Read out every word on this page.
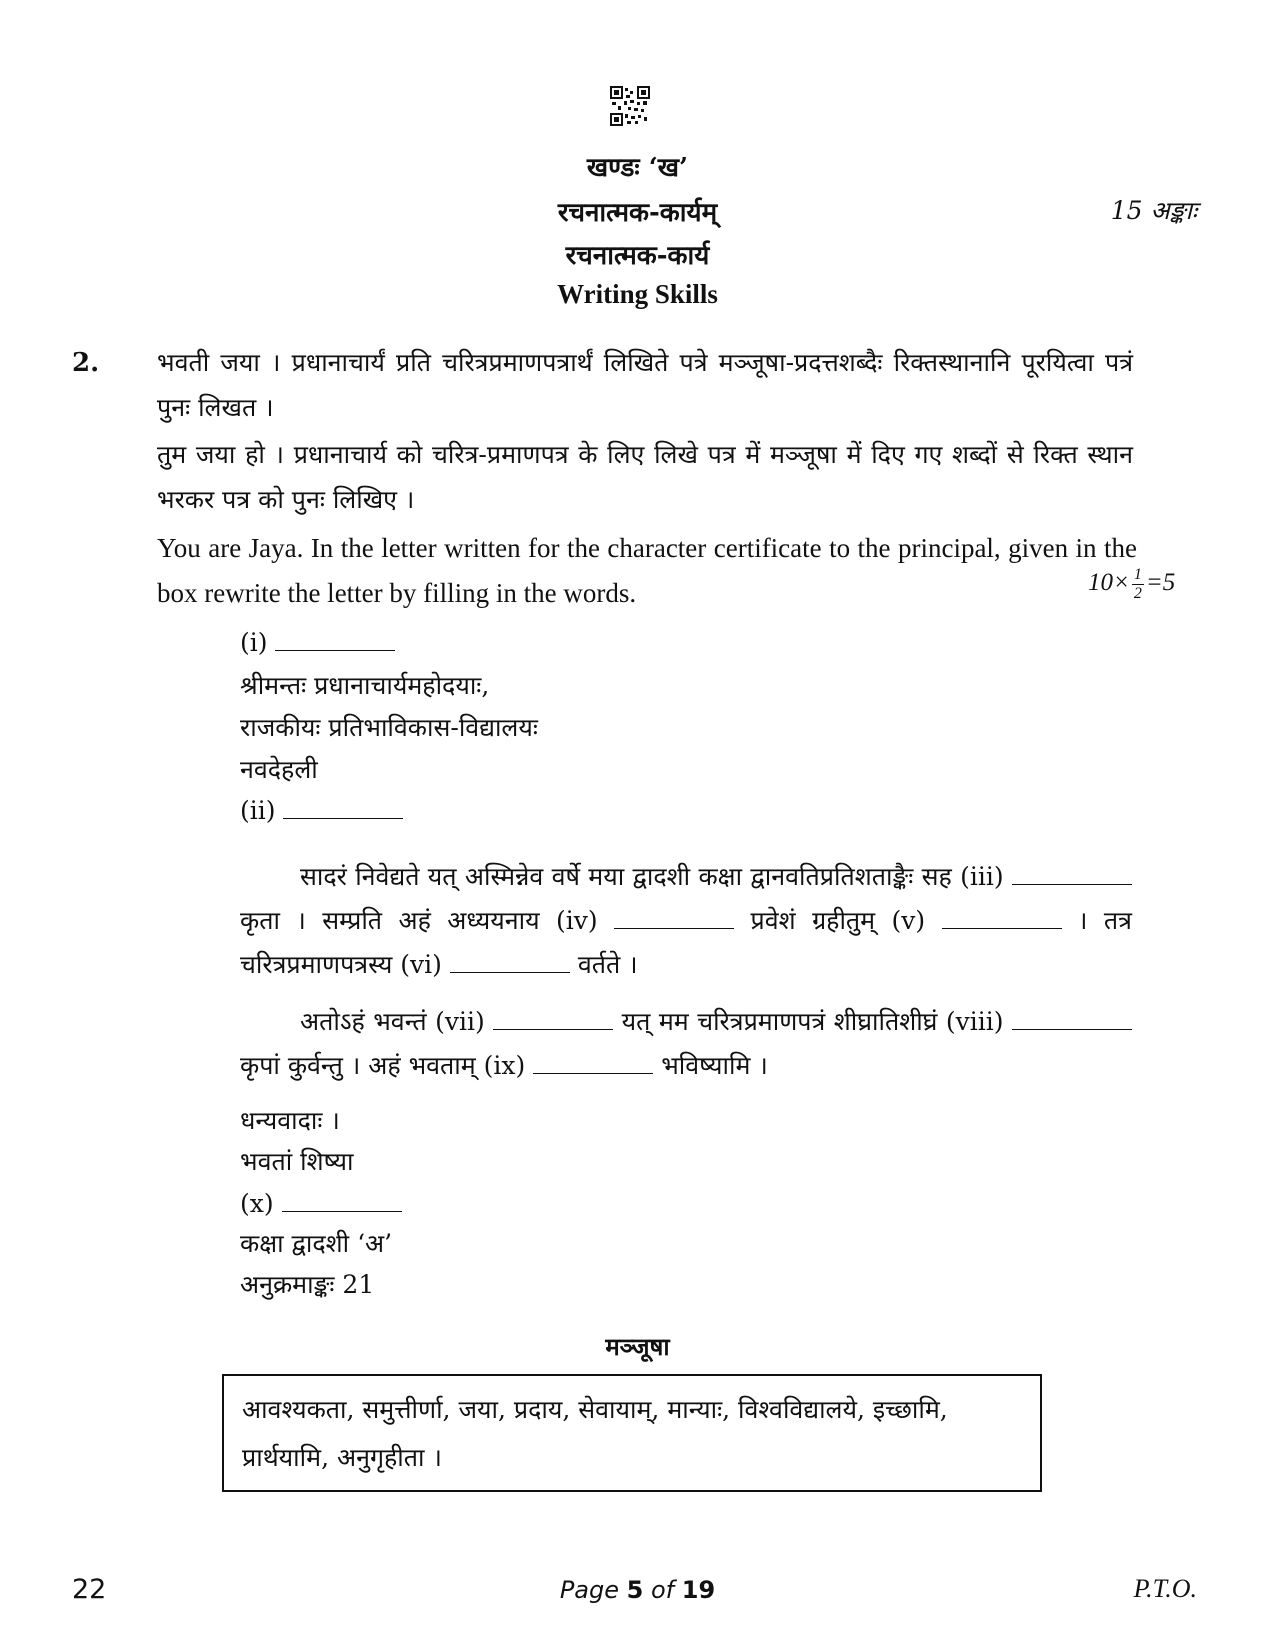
खण्डः ‘ख’
रचनात्मक-कार्यम्	15 अङ्काः
रचनात्मक-कार्य
Writing Skills
2. भवती जया । प्रधानाचार्यं प्रति चरित्रप्रमाणपत्रार्थं लिखिते पत्रे मञ्जूषा-प्रदत्तशब्दैः रिक्तस्थानानि पूरयित्वा पत्रं पुनः लिखत ।
तुम जया हो । प्रधानाचार्य को चरित्र-प्रमाणपत्र के लिए लिखे पत्र में मञ्जूषा में दिए गए शब्दों से रिक्त स्थान भरकर पत्र को पुनः लिखिए ।
You are Jaya. In the letter written for the character certificate to the principal, given in the box rewrite the letter by filling in the words.	$10\times \frac{1}{2} =5$
(i)
श्रीमन्तः प्रधानाचार्यमहोदयाः,
राजकीयः प्रतिभाविकास-विद्यालयः
नवदेहली
(ii)
सादरं निवेद्यते यत् अस्मिन्नेव वर्षे मया द्वादशी कक्षा द्वानवतिप्रतिशताङ्कैः सह (iii)  कृता । सम्प्रति अहं अध्ययनाय (iv)	प्रवेशं ग्रहीतुम् (v)	। तत्र चरित्रप्रमाणपत्रस्य (vi)	वर्तते ।
अतोऽहं भवन्तं (vii)	यत् मम चरित्रप्रमाणपत्रं शीघ्रातिशीघ्रं (viii)  कृपां कुर्वन्तु । अहं भवताम् (ix)	भविष्यामि ।
धन्यवादाः ।
भवतां शिष्या
(x)
कक्षा द्वादशी ‘अ’
अनुक्रमाङ्कः 21
मञ्जूषा
आवश्यकता, समुत्तीर्णा, जया, प्रदाय, सेवायाम्, मान्याः, विश्वविद्यालये, इच्छामि, प्रार्थयामि, अनुगृहीता ।
22	Page 5 of 19	P.T.O.
